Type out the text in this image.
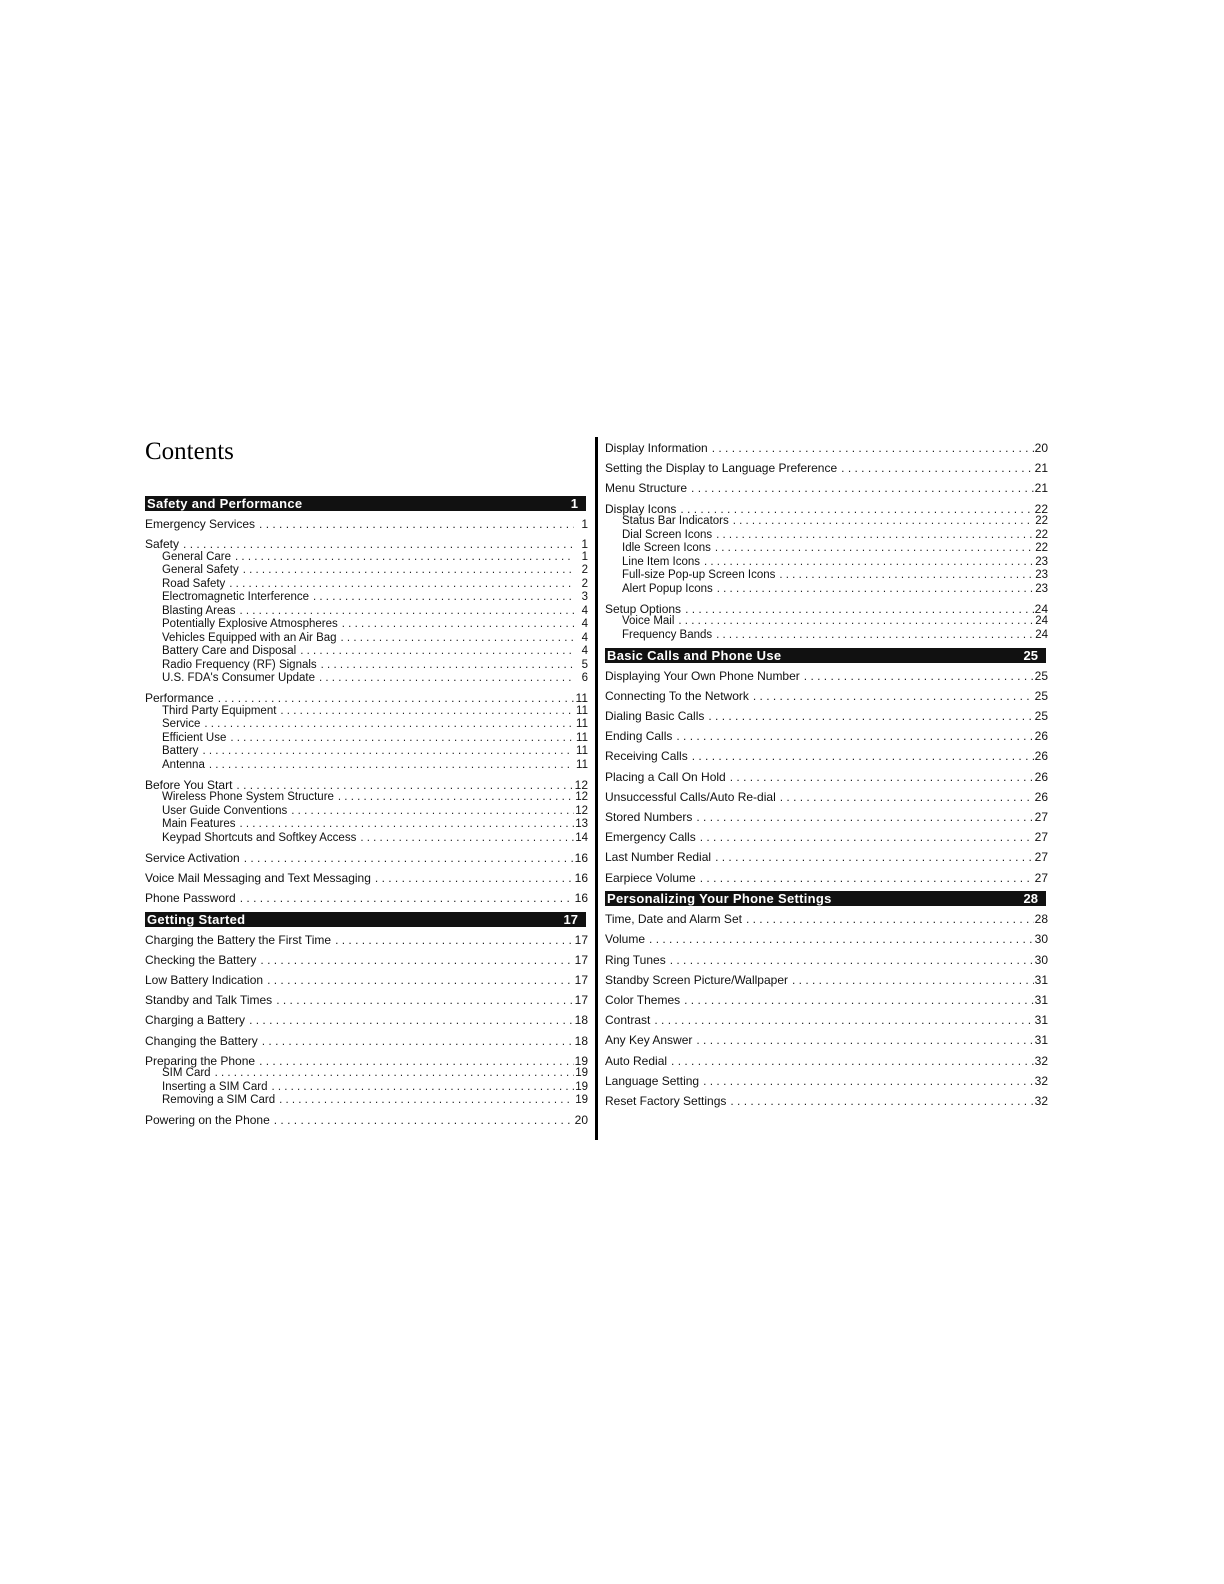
Contents
Safety and Performance	1
Emergency Services . . .	1
Safety . . .	1
General Care . . .	1
General Safety . . .	2
Road Safety . . .	2
Electromagnetic Interference . . .	3
Blasting Areas . . .	4
Potentially Explosive Atmospheres . . .	4
Vehicles Equipped with an Air Bag . . .	4
Battery Care and Disposal . . .	4
Radio Frequency (RF) Signals . . .	5
U.S. FDA's Consumer Update . . .	6
Performance . . .	11
Third Party Equipment . . .	11
Service . . .	11
Efficient Use . . .	11
Battery . . .	11
Antenna . . .	11
Before You Start . . .	12
Wireless Phone System Structure . . .	12
User Guide Conventions . . .	12
Main Features . . .	13
Keypad Shortcuts and Softkey Access . . .	14
Service Activation . . .	16
Voice Mail Messaging and Text Messaging . . .	16
Phone Password . . .	16
Getting Started	17
Charging the Battery the First Time . . .	17
Checking the Battery . . .	17
Low Battery Indication . . .	17
Standby and Talk Times . . .	17
Charging a Battery . . .	18
Changing the Battery . . .	18
Preparing the Phone . . .	19
SIM Card . . .	19
Inserting a SIM Card . . .	19
Removing a SIM Card . . .	19
Powering on the Phone . . .	20
Display Information . . .	20
Setting the Display to Language Preference . . .	21
Menu Structure . . .	21
Display Icons . . .	22
Status Bar Indicators . . .	22
Dial Screen Icons . . .	22
Idle Screen Icons . . .	22
Line Item Icons . . .	23
Full-size Pop-up Screen Icons . . .	23
Alert Popup Icons . . .	23
Setup Options . . .	24
Voice Mail . . .	24
Frequency Bands . . .	24
Basic Calls and Phone Use	25
Displaying Your Own Phone Number . . .	25
Connecting To the Network . . .	25
Dialing Basic Calls . . .	25
Ending Calls . . .	26
Receiving Calls . . .	26
Placing a Call On Hold . . .	26
Unsuccessful Calls/Auto Re-dial . . .	26
Stored Numbers . . .	27
Emergency Calls . . .	27
Last Number Redial . . .	27
Earpiece Volume . . .	27
Personalizing Your Phone Settings	28
Time, Date and Alarm Set . . .	28
Volume . . .	30
Ring Tunes . . .	30
Standby Screen Picture/Wallpaper . . .	31
Color Themes . . .	31
Contrast . . .	31
Any Key Answer . . .	31
Auto Redial . . .	32
Language Setting . . .	32
Reset Factory Settings . . .	32
